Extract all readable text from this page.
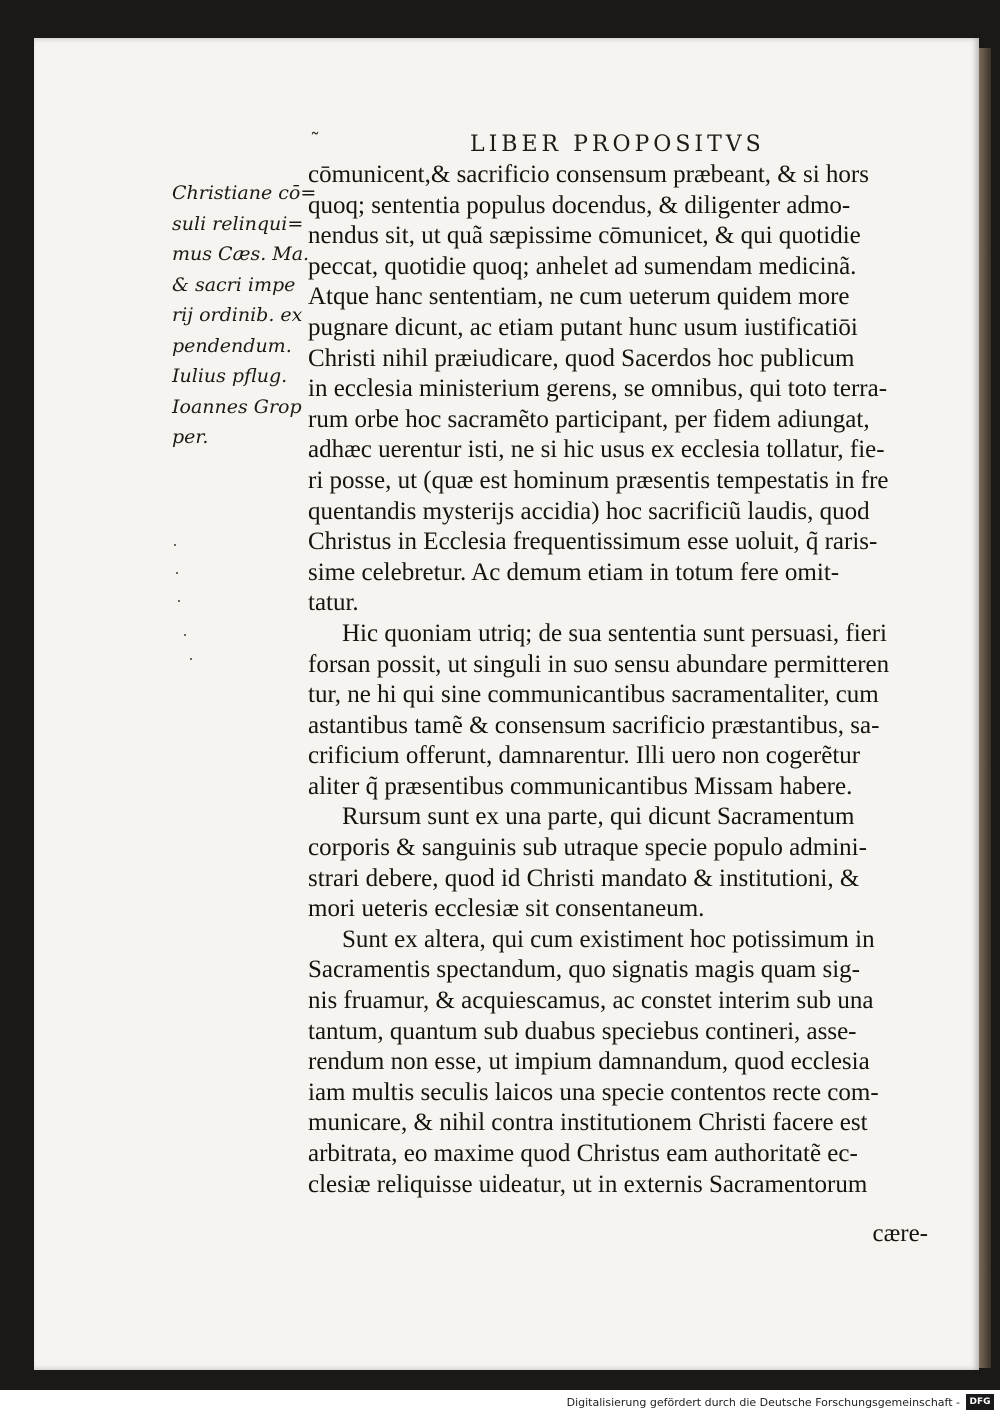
˜	LIBER PROPOSITVS
Christiane cō=
suli relinqui=
mus Cæs. Ma.
& sacri impe
rij ordinib. ex
pendendum.
Iulius pflug.
Ioannes Grop
per.
cōmunicent,& sacrificio consensum præbeant, & si hors
quoq; sententia populus docendus, & diligenter admo-
nendus sit, ut quã sæpissime cōmunicet, & qui quotidie
peccat, quotidie quoq; anhelet ad sumendam medicinã.
Atque hanc sententiam, ne cum ueterum quidem more
pugnare dicunt, ac etiam putant hunc usum iustificatiōi
Christi nihil præiudicare, quod Sacerdos hoc publicum
in ecclesia ministerium gerens, se omnibus, qui toto terra-
rum orbe hoc sacramẽto participant, per fidem adiungat,
adhæc uerentur isti, ne si hic usus ex ecclesia tollatur, fie-
ri posse, ut (quæ est hominum præsentis tempestatis in fre
quentandis mysterijs accidia) hoc sacrificiũ laudis, quod
Christus in Ecclesia frequentissimum esse uoluit, q̃ raris-
sime celebretur. Ac demum etiam in totum fere omit-
tatur.
Hic quoniam utriq; de sua sententia sunt persuasi, fieri
forsan possit, ut singuli in suo sensu abundare permitteren
tur, ne hi qui sine communicantibus sacramentaliter, cum
astantibus tamẽ & consensum sacrificio præstantibus, sa-
crificium offerunt, damnarentur. Illi uero non cogerẽtur
aliter q̃ præsentibus communicantibus Missam habere.
Rursum sunt ex una parte, qui dicunt Sacramentum
corporis & sanguinis sub utraque specie populo admini-
strari debere, quod id Christi mandato & institutioni, &
mori ueteris ecclesiæ sit consentaneum.
Sunt ex altera, qui cum existiment hoc potissimum in
Sacramentis spectandum, quo signatis magis quam sig-
nis fruamur, & acquiescamus, ac constet interim sub una
tantum, quantum sub duabus speciebus contineri, asse-
rendum non esse, ut impium damnandum, quod ecclesia
iam multis seculis laicos una specie contentos recte com-
municare, & nihil contra institutionem Christi facere est
arbitrata, eo maxime quod Christus eam authoritatẽ ec-
clesiæ reliquisse uideatur, ut in externis Sacramentorum
cære-
Digitalisierung gefördert durch die Deutsche Forschungsgemeinschaft -	DFG
